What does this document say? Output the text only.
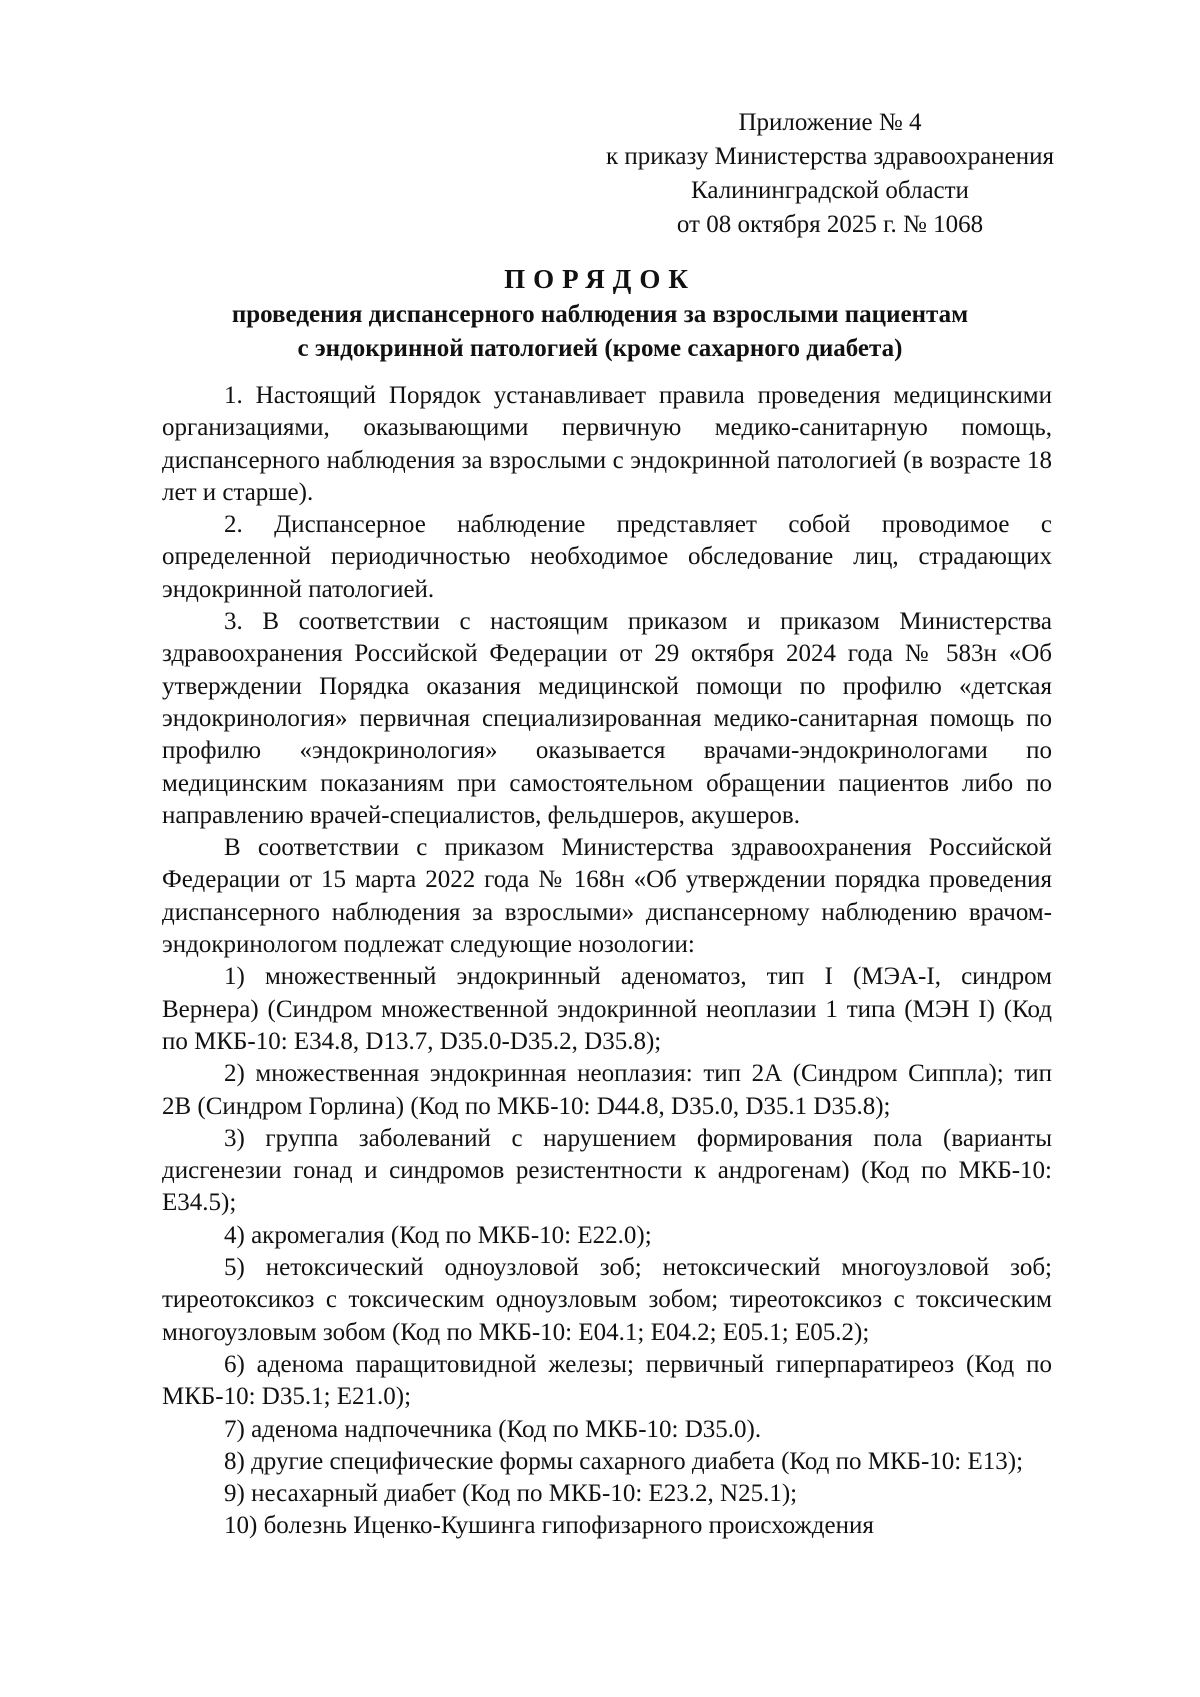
Приложение № 4
к приказу Министерства здравоохранения
Калининградской области
от 08 октября 2025 г. № 1068
ПОРЯДОК
проведения диспансерного наблюдения за взрослыми пациентам
с эндокринной патологией (кроме сахарного диабета)

1. Настоящий Порядок устанавливает правила проведения медицинскими организациями, оказывающими первичную медико-санитарную помощь, диспансерного наблюдения за взрослыми с эндокринной патологией (в возрасте 18 лет и старше).

2. Диспансерное наблюдение представляет собой проводимое с определенной периодичностью необходимое обследование лиц, страдающих эндокринной патологией.

3. В соответствии с настоящим приказом и приказом Министерства здравоохранения Российской Федерации от 29 октября 2024 года № 583н «Об утверждении Порядка оказания медицинской помощи по профилю «детская эндокринология» первичная специализированная медико-санитарная помощь по профилю «эндокринология» оказывается врачами-эндокринологами по медицинским показаниям при самостоятельном обращении пациентов либо по направлению врачей-специалистов, фельдшеров, акушеров.

В соответствии с приказом Министерства здравоохранения Российской Федерации от 15 марта 2022 года № 168н «Об утверждении порядка проведения диспансерного наблюдения за взрослыми» диспансерному наблюдению врачом-эндокринологом подлежат следующие нозологии:

1) множественный эндокринный аденоматоз, тип I (МЭА-I, синдром Вернера) (Синдром множественной эндокринной неоплазии 1 типа (МЭН I) (Код по МКБ-10: E34.8, D13.7, D35.0-D35.2, D35.8);

2) множественная эндокринная неоплазия: тип 2А (Синдром Сиппла); тип 2В (Синдром Горлина) (Код по МКБ-10: D44.8, D35.0, D35.1 D35.8);

3) группа заболеваний с нарушением формирования пола (варианты дисгенезии гонад и синдромов резистентности к андрогенам) (Код по МКБ-10: E34.5);

4) акромегалия (Код по МКБ-10: E22.0);

5) нетоксический одноузловой зоб; нетоксический многоузловой зоб; тиреотоксикоз с токсическим одноузловым зобом; тиреотоксикоз с токсическим многоузловым зобом (Код по МКБ-10: E04.1; E04.2; E05.1; E05.2);

6) аденома паращитовидной железы; первичный гиперпаратиреоз (Код по МКБ-10: D35.1; E21.0);

7) аденома надпочечника (Код по МКБ-10: D35.0).

8) другие специфические формы сахарного диабета (Код по МКБ-10: E13);

9) несахарный диабет (Код по МКБ-10: E23.2, N25.1);

10) болезнь Иценко-Кушинга гипофизарного происхождения
